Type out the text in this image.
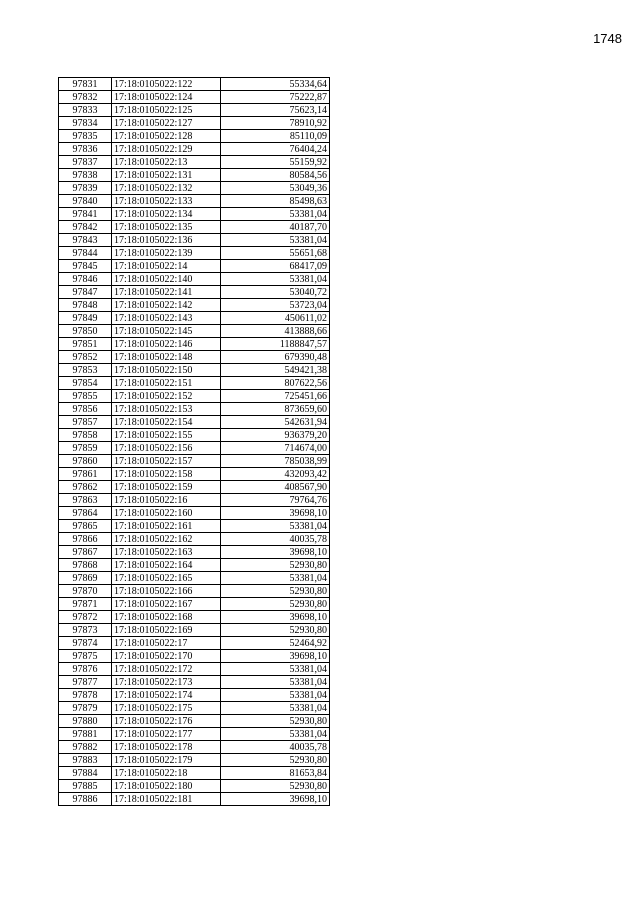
1748
97831	17:18:0105022:122	55334,64
97832	17:18:0105022:124	75222,87
97833	17:18:0105022:125	75623,14
97834	17:18:0105022:127	78910,92
97835	17:18:0105022:128	85110,09
97836	17:18:0105022:129	76404,24
97837	17:18:0105022:13	55159,92
97838	17:18:0105022:131	80584,56
97839	17:18:0105022:132	53049,36
97840	17:18:0105022:133	85498,63
97841	17:18:0105022:134	53381,04
97842	17:18:0105022:135	40187,70
97843	17:18:0105022:136	53381,04
97844	17:18:0105022:139	55651,68
97845	17:18:0105022:14	68417,09
97846	17:18:0105022:140	53381,04
97847	17:18:0105022:141	53040,72
97848	17:18:0105022:142	53723,04
97849	17:18:0105022:143	450611,02
97850	17:18:0105022:145	413888,66
97851	17:18:0105022:146	1188847,57
97852	17:18:0105022:148	679390,48
97853	17:18:0105022:150	549421,38
97854	17:18:0105022:151	807622,56
97855	17:18:0105022:152	725451,66
97856	17:18:0105022:153	873659,60
97857	17:18:0105022:154	542631,94
97858	17:18:0105022:155	936379,20
97859	17:18:0105022:156	714674,00
97860	17:18:0105022:157	785038,99
97861	17:18:0105022:158	432093,42
97862	17:18:0105022:159	408567,90
97863	17:18:0105022:16	79764,76
97864	17:18:0105022:160	39698,10
97865	17:18:0105022:161	53381,04
97866	17:18:0105022:162	40035,78
97867	17:18:0105022:163	39698,10
97868	17:18:0105022:164	52930,80
97869	17:18:0105022:165	53381,04
97870	17:18:0105022:166	52930,80
97871	17:18:0105022:167	52930,80
97872	17:18:0105022:168	39698,10
97873	17:18:0105022:169	52930,80
97874	17:18:0105022:17	52464,92
97875	17:18:0105022:170	39698,10
97876	17:18:0105022:172	53381,04
97877	17:18:0105022:173	53381,04
97878	17:18:0105022:174	53381,04
97879	17:18:0105022:175	53381,04
97880	17:18:0105022:176	52930,80
97881	17:18:0105022:177	53381,04
97882	17:18:0105022:178	40035,78
97883	17:18:0105022:179	52930,80
97884	17:18:0105022:18	81653,84
97885	17:18:0105022:180	52930,80
97886	17:18:0105022:181	39698,10
